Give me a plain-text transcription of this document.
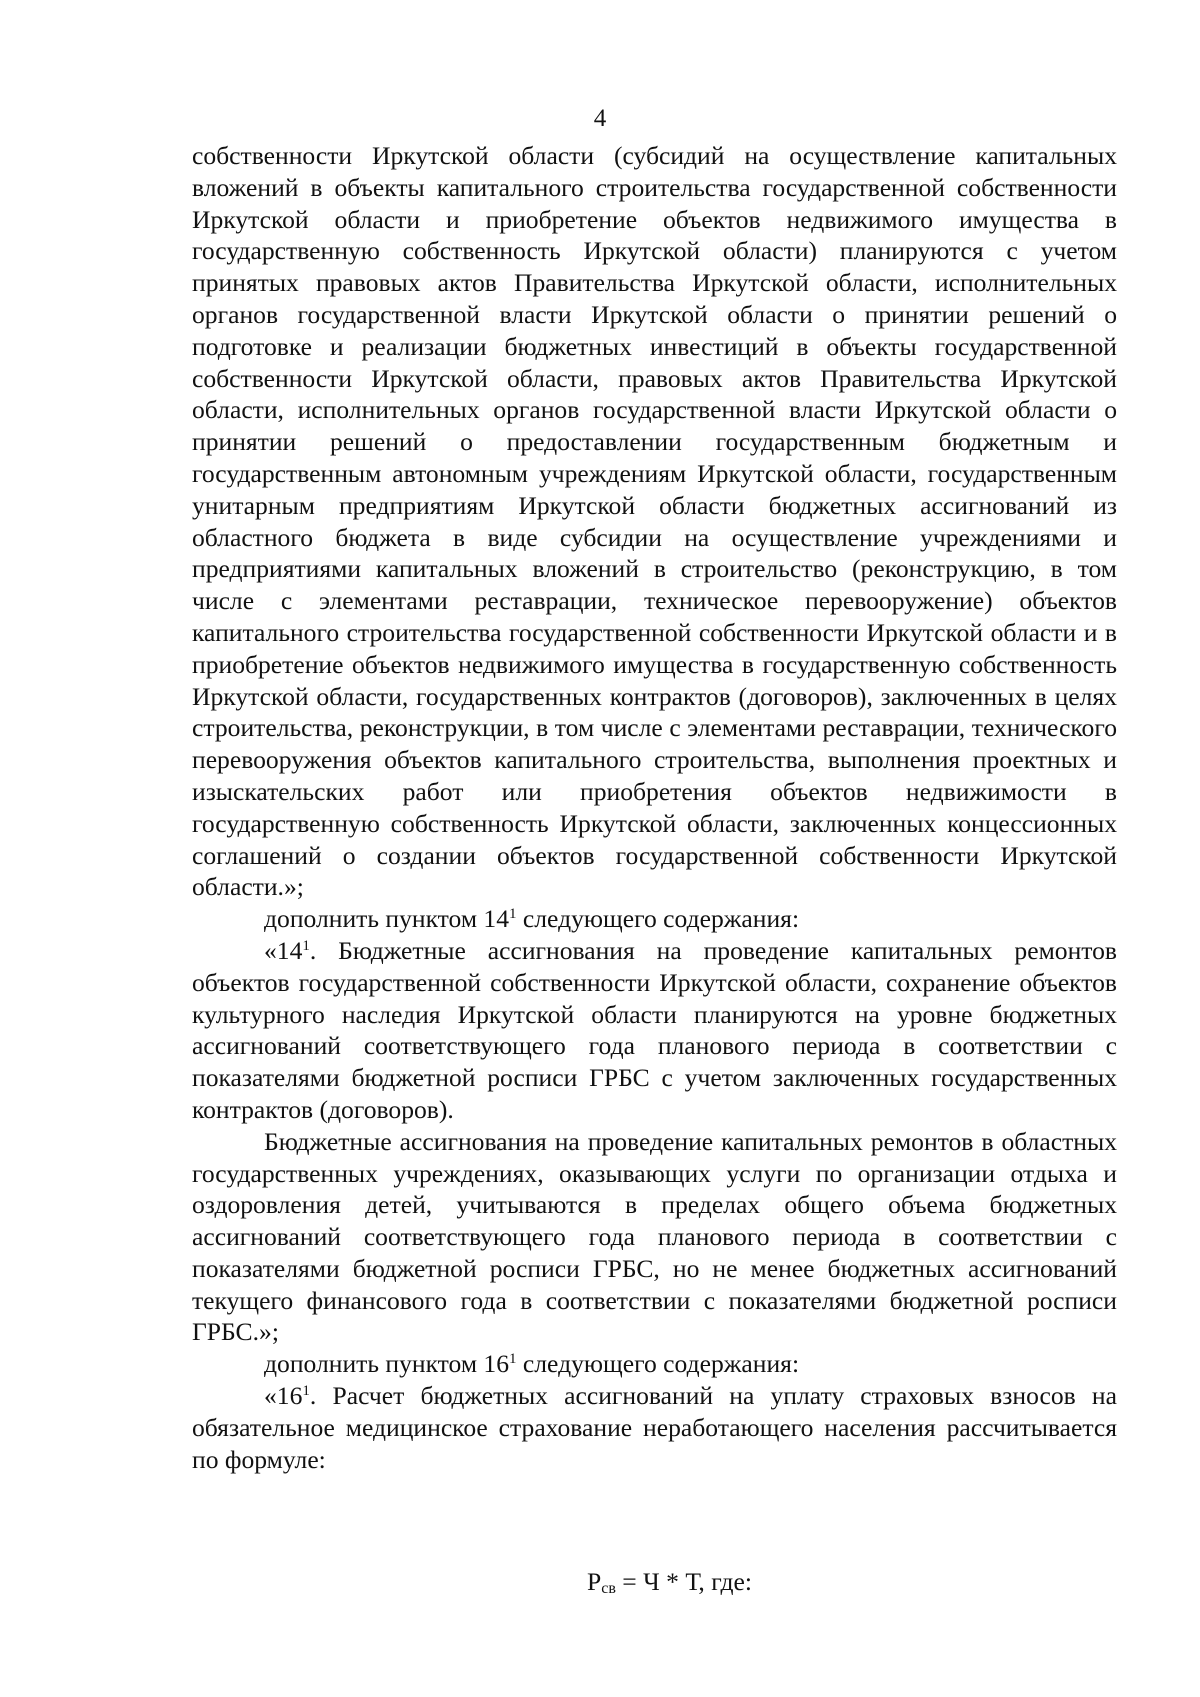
4

собственности Иркутской области (субсидий на осуществление капитальных вложений в объекты капитального строительства государственной собственности Иркутской области и приобретение объектов недвижимого имущества в государственную собственность Иркутской области) планируются с учетом принятых правовых актов Правительства Иркутской области, исполнительных органов государственной власти Иркутской области о принятии решений о подготовке и реализации бюджетных инвестиций в объекты государственной собственности Иркутской области, правовых актов Правительства Иркутской области, исполнительных органов государственной власти Иркутской области о принятии решений о предоставлении государственным бюджетным и государственным автономным учреждениям Иркутской области, государственным унитарным предприятиям Иркутской области бюджетных ассигнований из областного бюджета в виде субсидии на осуществление учреждениями и предприятиями капитальных вложений в строительство (реконструкцию, в том числе с элементами реставрации, техническое перевооружение) объектов капитального строительства государственной собственности Иркутской области и в приобретение объектов недвижимого имущества в государственную собственность Иркутской области, государственных контрактов (договоров), заключенных в целях строительства, реконструкции, в том числе с элементами реставрации, технического перевооружения объектов капитального строительства, выполнения проектных и изыскательских работ или приобретения объектов недвижимости в государственную собственность Иркутской области, заключенных концессионных соглашений о создании объектов государственной собственности Иркутской области.»;

дополнить пунктом $14^1$ следующего содержания:

«$14^1$. Бюджетные ассигнования на проведение капитальных ремонтов объектов государственной собственности Иркутской области, сохранение объектов культурного наследия Иркутской области планируются на уровне бюджетных ассигнований соответствующего года планового периода в соответствии с показателями бюджетной росписи ГРБС с учетом заключенных государственных контрактов (договоров).

Бюджетные ассигнования на проведение капитальных ремонтов в областных государственных учреждениях, оказывающих услуги по организации отдыха и оздоровления детей, учитываются в пределах общего объема бюджетных ассигнований соответствующего года планового периода в соответствии с показателями бюджетной росписи ГРБС, но не менее бюджетных ассигнований текущего финансового года в соответствии с показателями бюджетной росписи ГРБС.»;

дополнить пунктом $16^1$ следующего содержания:

«$16^1$. Расчет бюджетных ассигнований на уплату страховых взносов на обязательное медицинское страхование неработающего населения рассчитывается по формуле:

Рсв = Ч * Т, где:
